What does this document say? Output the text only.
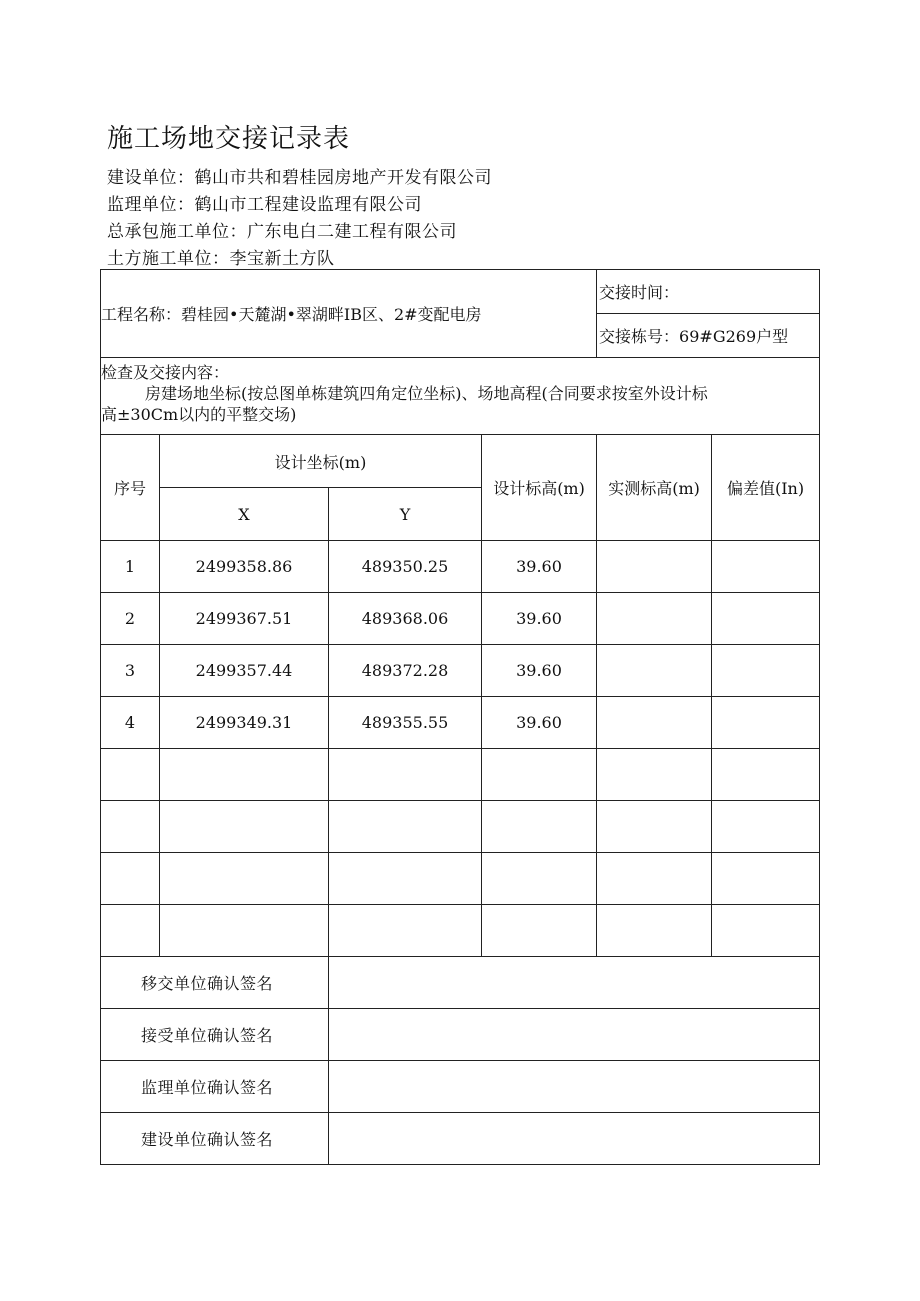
施工场地交接记录表
建设单位：鹤山市共和碧桂园房地产开发有限公司
监理单位：鹤山市工程建设监理有限公司
总承包施工单位：广东电白二建工程有限公司
土方施工单位：李宝新土方队
工程名称：碧桂园•天麓湖•翠湖畔IB区、2#变配电房				交接时间：	
				交接栋号：69#G269户型	

检查及交接内容：
房建场地坐标(按总图单栋建筑四角定位坐标)、场地高程(合同要求按室外设计标
高±30Cm以内的平整交场)					

序号	设计坐标(m)		设计标高(m)	实测标高(m)	偏差值(In)
	X	Y			
1	2499358.86	489350.25	39.60		
2	2499367.51	489368.06	39.60		
3	2499357.44	489372.28	39.60		
4	2499349.31	489355.55	39.60		

移交单位确认签名					
接受单位确认签名					
监理单位确认签名					
建设单位确认签名					
